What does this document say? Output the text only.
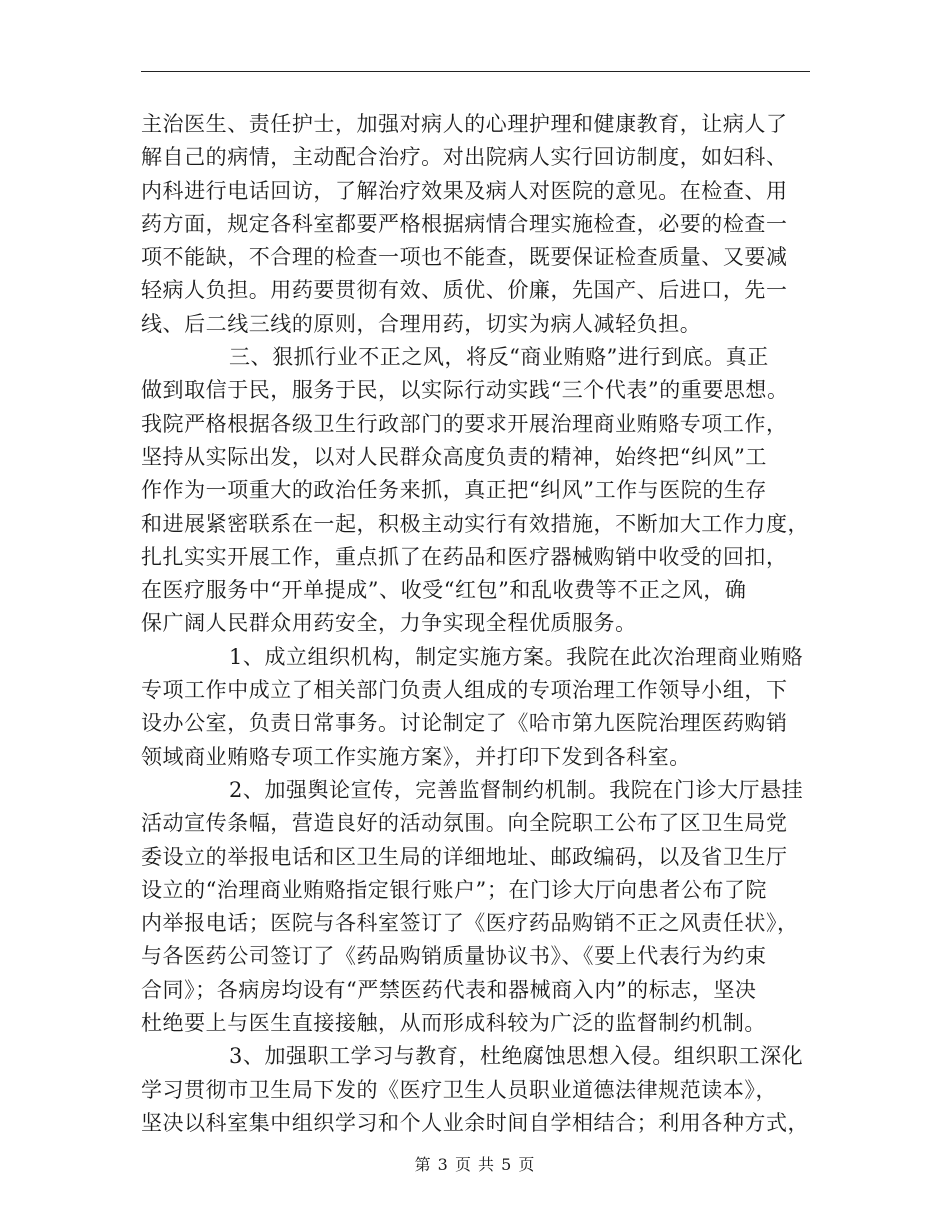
主治医生、责任护士，加强对病人的心理护理和健康教育，让病人了
解自己的病情，主动配合治疗。对出院病人实行回访制度，如妇科、
内科进行电话回访，了解治疗效果及病人对医院的意见。在检查、用
药方面，规定各科室都要严格根据病情合理实施检查，必要的检查一
项不能缺，不合理的检查一项也不能查，既要保证检查质量、又要减
轻病人负担。用药要贯彻有效、质优、价廉，先国产、后进口，先一
线、后二线三线的原则，合理用药，切实为病人减轻负担。
三、狠抓行业不正之风，将反“商业贿赂”进行到底。真正
做到取信于民，服务于民，以实际行动实践“三个代表”的重要思想。
我院严格根据各级卫生行政部门的要求开展治理商业贿赂专项工作，
坚持从实际出发，以对人民群众高度负责的精神，始终把“纠风”工
作作为一项重大的政治任务来抓，真正把“纠风”工作与医院的生存
和进展紧密联系在一起，积极主动实行有效措施，不断加大工作力度，
扎扎实实开展工作，重点抓了在药品和医疗器械购销中收受的回扣，
在医疗服务中“开单提成”、收受“红包”和乱收费等不正之风，确
保广阔人民群众用药安全，力争实现全程优质服务。
1、成立组织机构，制定实施方案。我院在此次治理商业贿赂
专项工作中成立了相关部门负责人组成的专项治理工作领导小组，下
设办公室，负责日常事务。讨论制定了《哈市第九医院治理医药购销
领域商业贿赂专项工作实施方案》，并打印下发到各科室。
2、加强舆论宣传，完善监督制约机制。我院在门诊大厅悬挂
活动宣传条幅，营造良好的活动氛围。向全院职工公布了区卫生局党
委设立的举报电话和区卫生局的详细地址、邮政编码，以及省卫生厅
设立的“治理商业贿赂指定银行账户”；在门诊大厅向患者公布了院
内举报电话；医院与各科室签订了《医疗药品购销不正之风责任状》，
与各医药公司签订了《药品购销质量协议书》、《要上代表行为约束
合同》；各病房均设有“严禁医药代表和器械商入内”的标志，坚决
杜绝要上与医生直接接触，从而形成科较为广泛的监督制约机制。
3、加强职工学习与教育，杜绝腐蚀思想入侵。组织职工深化
学习贯彻市卫生局下发的《医疗卫生人员职业道德法律规范读本》，
坚决以科室集中组织学习和个人业余时间自学相结合；利用各种方式，
第 3 页 共 5 页
